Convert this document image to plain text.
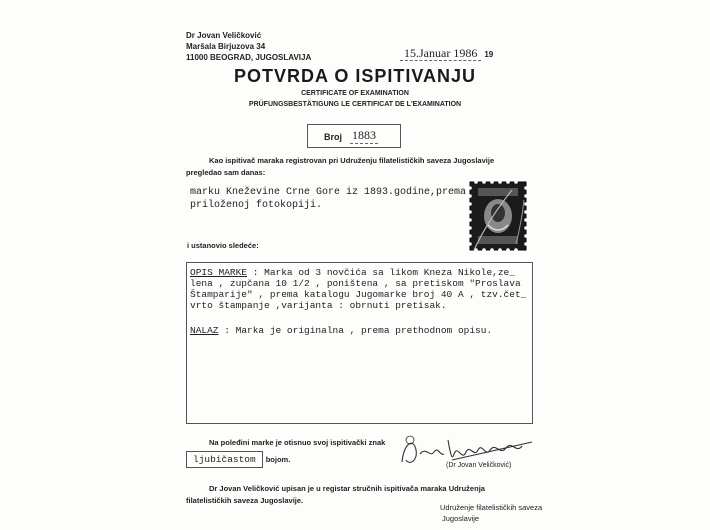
Dr Jovan Veličković
Maršala Birjuzova 34
11000 BEOGRAD, JUGOSLAVIJA	15.Januar 1986 19
POTVRDA O ISPITIVANJU
CERTIFICATE OF EXAMINATION
PRÜFUNGSBESTÄTIGUNG LE CERTIFICAT DE L'EXAMINATION
Broj 1883
Kao ispitivač maraka registrovan pri Udruženju filatelističkih saveza Jugoslavije
pregledao sam danas:
marku Kneževine Crne Gore iz 1893.godine,prema
priloženoj fotokopiji.
i ustanovio sledeće:
OPIS MARKE : Marka od 3 novčića sa likom Kneza Nikole,ze_
lena , zupčana 10 1/2 , poništena , sa pretiskom "Proslava
Štamparije" , prema katalogu Jugomarke broj 40 A , tzv.čet_
vrto štampanje ,varijanta : obrnuti pretisak.
NALAZ : Marka je originalna , prema prethodnom opisu.
Na poleđini marke je otisnuo svoj ispitivački znak
ljubičastom bojom.
(Dr Jovan Veličković)
Dr Jovan Veličković upisan je u registar stručnih ispitivača maraka Udruženja
filatelističkih saveza Jugoslavije.
Udruženje filatelističkih saveza
Jugoslavije
